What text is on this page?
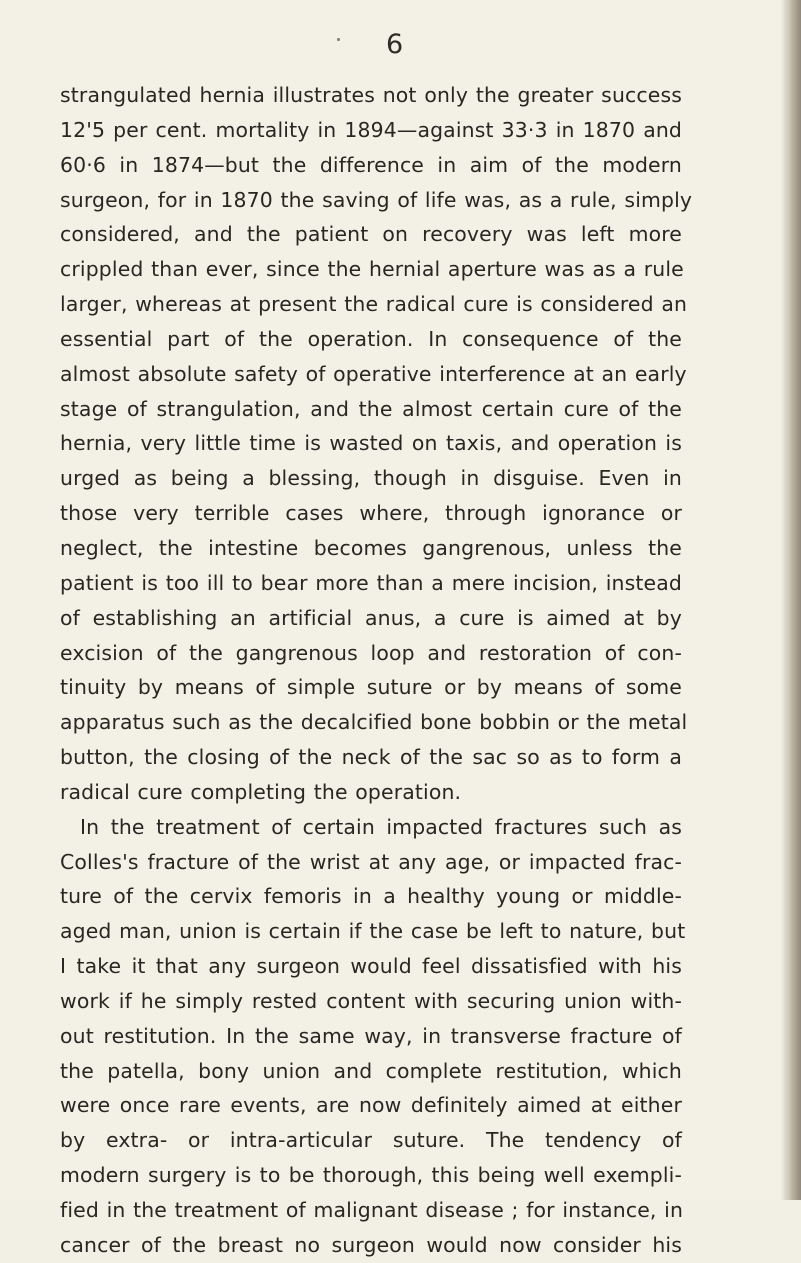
6
strangulated hernia illustrates not only the greater success
12'5 per cent. mortality in 1894—against 33·3 in 1870 and
60·6 in 1874—but the difference in aim of the modern
surgeon, for in 1870 the saving of life was, as a rule, simply
considered, and the patient on recovery was left more
crippled than ever, since the hernial aperture was as a rule
larger, whereas at present the radical cure is considered an
essential part of the operation. In consequence of the
almost absolute safety of operative interference at an early
stage of strangulation, and the almost certain cure of the
hernia, very little time is wasted on taxis, and operation is
urged as being a blessing, though in disguise. Even in
those very terrible cases where, through ignorance or
neglect, the intestine becomes gangrenous, unless the
patient is too ill to bear more than a mere incision, instead
of establishing an artificial anus, a cure is aimed at by
excision of the gangrenous loop and restoration of con-
tinuity by means of simple suture or by means of some
apparatus such as the decalcified bone bobbin or the metal
button, the closing of the neck of the sac so as to form a
radical cure completing the operation.
In the treatment of certain impacted fractures such as
Colles's fracture of the wrist at any age, or impacted frac-
ture of the cervix femoris in a healthy young or middle-
aged man, union is certain if the case be left to nature, but
I take it that any surgeon would feel dissatisfied with his
work if he simply rested content with securing union with-
out restitution. In the same way, in transverse fracture of
the patella, bony union and complete restitution, which
were once rare events, are now definitely aimed at either
by extra- or intra-articular suture. The tendency of
modern surgery is to be thorough, this being well exempli-
fied in the treatment of malignant disease ; for instance, in
cancer of the breast no surgeon would now consider his
